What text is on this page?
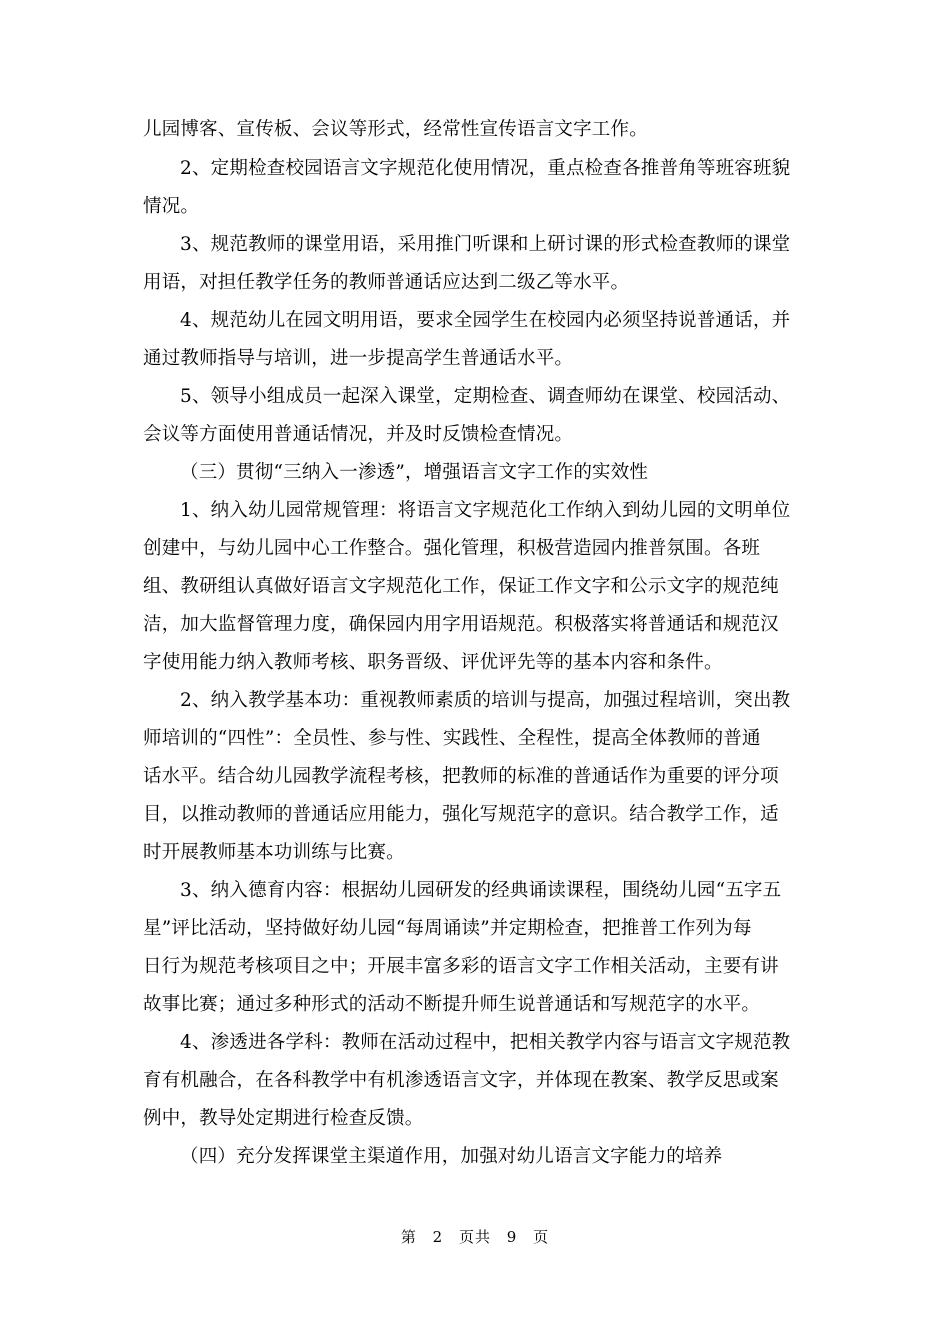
儿园博客、宣传板、会议等形式，经常性宣传语言文字工作。
2、定期检查校园语言文字规范化使用情况，重点检查各推普角等班容班貌
情况。
3、规范教师的课堂用语，采用推门听课和上研讨课的形式检查教师的课堂
用语，对担任教学任务的教师普通话应达到二级乙等水平。
4、规范幼儿在园文明用语，要求全园学生在校园内必须坚持说普通话，并
通过教师指导与培训，进一步提高学生普通话水平。
5、领导小组成员一起深入课堂，定期检查、调查师幼在课堂、校园活动、
会议等方面使用普通话情况，并及时反馈检查情况。
（三）贯彻“三纳入一渗透”，增强语言文字工作的实效性
1、纳入幼儿园常规管理：将语言文字规范化工作纳入到幼儿园的文明单位
创建中，与幼儿园中心工作整合。强化管理，积极营造园内推普氛围。各班
组、教研组认真做好语言文字规范化工作，保证工作文字和公示文字的规范纯
洁，加大监督管理力度，确保园内用字用语规范。积极落实将普通话和规范汉
字使用能力纳入教师考核、职务晋级、评优评先等的基本内容和条件。
2、纳入教学基本功：重视教师素质的培训与提高，加强过程培训，突出教
师培训的“四性”：全员性、参与性、实践性、全程性，提高全体教师的普通
话水平。结合幼儿园教学流程考核，把教师的标准的普通话作为重要的评分项
目，以推动教师的普通话应用能力，强化写规范字的意识。结合教学工作，适
时开展教师基本功训练与比赛。
3、纳入德育内容：根据幼儿园研发的经典诵读课程，围绕幼儿园“五字五
星”评比活动，坚持做好幼儿园“每周诵读”并定期检查，把推普工作列为每
日行为规范考核项目之中；开展丰富多彩的语言文字工作相关活动，主要有讲
故事比赛；通过多种形式的活动不断提升师生说普通话和写规范字的水平。
4、渗透进各学科：教师在活动过程中，把相关教学内容与语言文字规范教
育有机融合，在各科教学中有机渗透语言文字，并体现在教案、教学反思或案
例中，教导处定期进行检查反馈。
（四）充分发挥课堂主渠道作用，加强对幼儿语言文字能力的培养
第 2 页共 9 页
